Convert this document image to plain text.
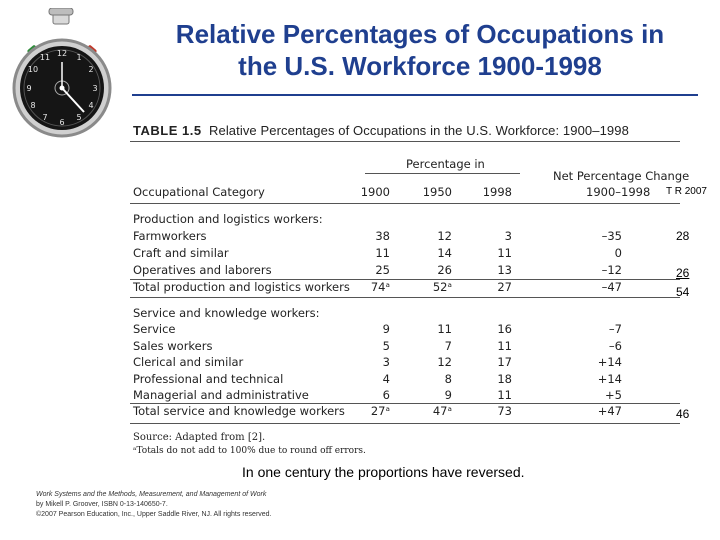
12 1
2
3
4
5
6
7
8
9
10
11
Relative Percentages of Occupations in
the U.S. Workforce 1900-1998
TABLE 1.5 Relative Percentages of Occupations in the U.S. Workforce: 1900–1998
Percentage in
Net Percentage Change
Occupational Category	1900	1950	1998	1900–1998
Production and logistics workers:
Farmworkers	38	12	3	–35
Craft and similar	11	14	11	0
Operatives and laborers	25	26	13	–12
Total production and logistics workers	74ᵃ	52ᵃ	27	–47
Service and knowledge workers:
Service	9	11	16	–7
Sales workers	5	7	11	–6
Clerical and similar	3	12	17	+14
Professional and technical	4	8	18	+14
Managerial and administrative	6	9	11	+5
Total service and knowledge workers	27ᵃ	47ᵃ	73	+47
Source: Adapted from [2].
ᵃTotals do not add to 100% due to round off errors.
T R 2007
28
26
54
46
In one century the proportions have reversed.
Work Systems and the Methods, Measurement, and Management of Work
by Mikell P. Groover, ISBN 0-13-140650-7.
©2007 Pearson Education, Inc., Upper Saddle River, NJ. All rights reserved.
